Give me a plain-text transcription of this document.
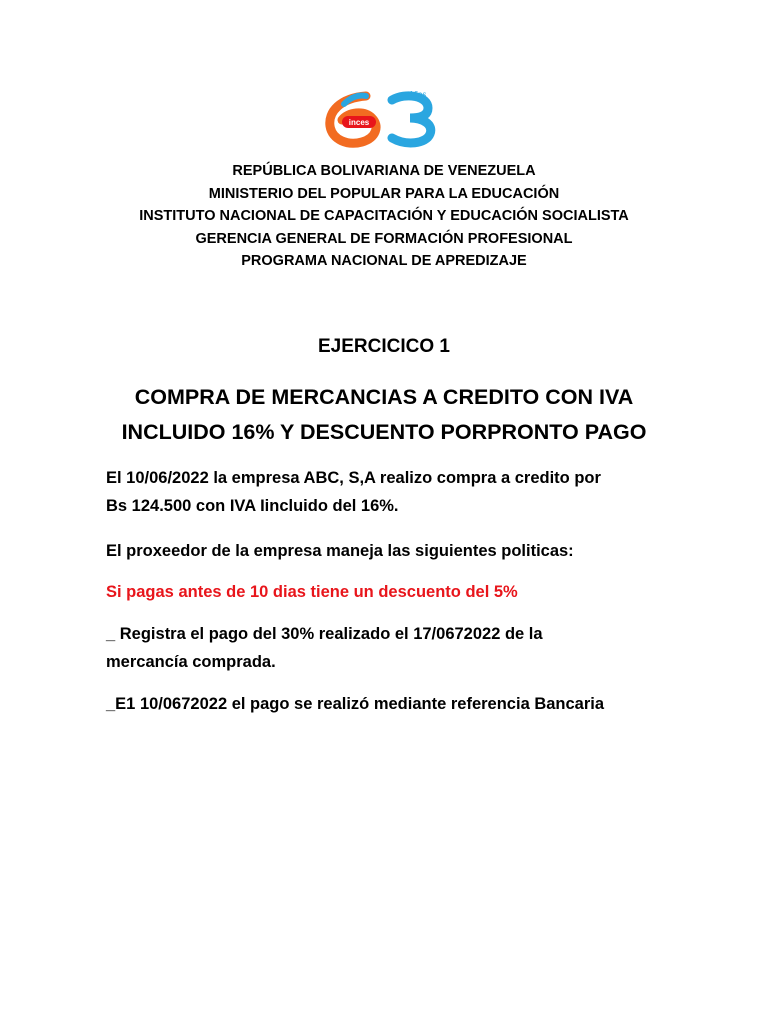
inces
Años
REPÚBLICA BOLIVARIANA DE VENEZUELA
MINISTERIO DEL POPULAR PARA LA EDUCACIÓN
INSTITUTO NACIONAL DE CAPACITACIÓN Y EDUCACIÓN SOCIALISTA
GERENCIA GENERAL DE FORMACIÓN PROFESIONAL
PROGRAMA NACIONAL DE APREDIZAJE
EJERCICICO 1
COMPRA DE MERCANCIAS A CREDITO CON IVA
INCLUIDO 16% Y DESCUENTO PORPRONTO PAGO
El 10/06/2022 la empresa ABC, S,A realizo compra a credito por
Bs 124.500 con IVA Iincluido del 16%.
El proxeedor de la empresa maneja las siguientes politicas:
Si pagas antes de 10 dias tiene un descuento del 5%
_ Registra el pago del 30% realizado el 17/0672022 de la
mercancía comprada.
_E1 10/0672022 el pago se realizó mediante referencia Bancaria
